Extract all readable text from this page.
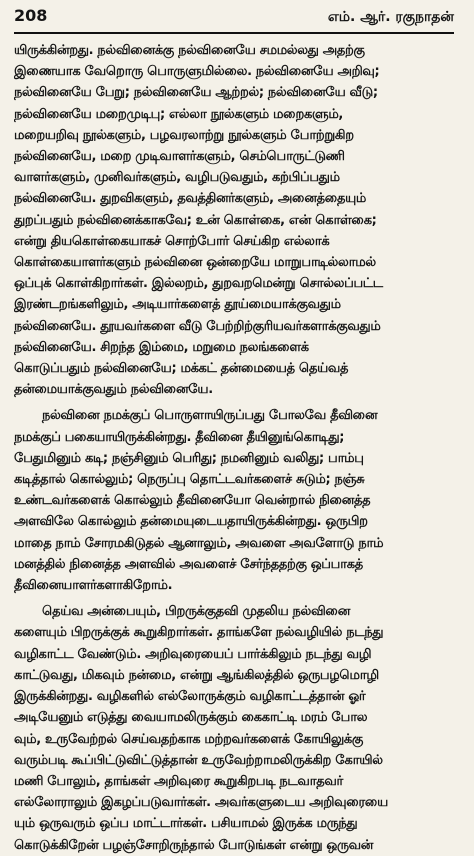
208	எம். ஆர். ரகுநாதன்
யிருக்கின்றது. நல்வினைக்கு நல்வினையே சமமல்லது அதற்கு
இணையாக வேறொரு பொருளுமில்லை. நல்வினையே அறிவு;
நல்வினையே பேறு; நல்வினையே ஆற்றல்; நல்வினையே வீடு;
நல்வினையே மறைமுடிபு; எல்லா நூல்களும் மறைகளும்,
மறையறிவு நூல்களும், பழவரலாற்று நூல்களும் போற்றுகிற
நல்வினையே, மறை முடிவாளர்களும், செம்பொருட்டுணி
வாளர்களும், முனிவர்களும், வழிபடுவதும், கற்பிப்பதும்
நல்வினையே. துறவிகளும், தவத்தினர்களும், அனைத்தையும்
துறப்பதும் நல்வினைக்காகவே; உன் கொள்கை, என் கொள்கை;
என்று தியகொள்கையாகச் சொற்போர் செய்கிற எல்லாக்
கொள்கையாளர்களும் நல்வினை ஒன்றையே மாறுபாடில்லாமல்
ஒப்புக் கொள்கிறார்கள். இல்லறம், துறவறமென்று சொல்லப்பட்ட
இரண்டறங்களிலும், அடியார்களைத் தூய்மையாக்குவதும்
நல்வினையே. தூயவர்களை வீடு பேற்றிற்குரியவர்களாக்குவதும்
நல்வினையே. சிறந்த இம்மை, மறுமை நலங்களைக்
கொடுப்பதும் நல்வினையே; மக்கட் தன்மையைத் தெய்வத்
தன்மையாக்குவதும் நல்வினையே.
நல்வினை நமக்குப் பொருளாயிருப்பது போலவே தீவினை
நமக்குப் பகையாயிருக்கின்றது. தீவினை தீயினுங்கொடிது;
பேதுமினும் கடி; நஞ்சினும் பெரிது; நமனினும் வலிது; பாம்பு
கடித்தால் கொல்லும்; நெருப்பு தொட்டவர்களைச் சுடும்; நஞ்சு
உண்டவர்களைக் கொல்லும் தீவினையோ வென்றால் நினைத்த
அளவிலே கொல்லும் தன்மையுடையதாயிருக்கின்றது. ஒருபிற
மாதை நாம் சோரமகிடுதல் ஆனாலும், அவளை அவளோடு நாம்
மனத்தில் நினைத்த அளவில் அவளைச் சேர்ந்ததற்கு ஒப்பாகத்
தீவினையாளர்களாகிறோம்.
தெய்வ அன்பையும், பிறருக்குதவி முதலிய நல்வினை
களையும் பிறருக்குக் கூறுகிறார்கள். தாங்களே நல்வழியில் நடந்து
வழிகாட்ட வேண்டும். அறிவுரையைப் பார்க்கிலும் நடந்து வழி
காட்டுவது, மிகவும் நன்மை, என்று ஆங்கிலத்தில் ஒருபழமொழி
இருக்கின்றது. வழிகளில் எல்லோருக்கும் வழிகாட்டத்தான் ஓர்
அடியேனும் எடுத்து வையாமலிருக்கும் கைகாட்டி மரம் போல
வும், உருவேற்றல் செய்வதற்காக மற்றவர்களைக் கோயிலுக்கு
வரும்படி கூப்பிட்டுவிட்டுத்தான் உருவேற்றாமலிருக்கிற கோயில்
மணி போலும், தாங்கள் அறிவுரை கூறுகிறபடி நடவாதவர்
எல்லோராலும் இகழப்படுவார்கள். அவர்களுடைய அறிவுரையை
யும் ஒருவரும் ஒப்ப மாட்டார்கள். பசியாமல் இருக்க மருந்து
கொடுக்கிறேன் பழஞ்சோறிருந்தால் போடுங்கள் என்று ஒருவன்
